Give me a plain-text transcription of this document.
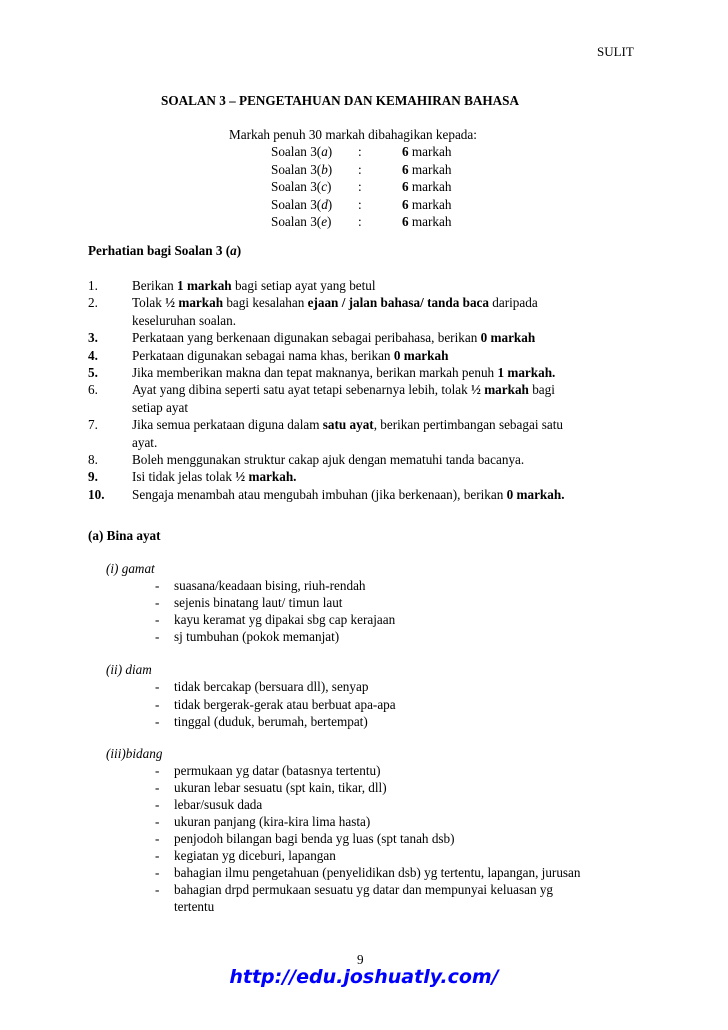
SULIT
SOALAN 3 – PENGETAHUAN DAN KEMAHIRAN BAHASA
Markah penuh 30 markah dibahagikan kepada:
Soalan 3(a) :	6 markah
Soalan 3(b) :	6 markah
Soalan 3(c) :	6 markah
Soalan 3(d) :	6 markah
Soalan 3(e) :	6 markah
Perhatian bagi Soalan 3 (a)
1.	Berikan 1 markah bagi setiap ayat yang betul
2.	Tolak ½ markah bagi kesalahan ejaan / jalan bahasa/ tanda baca daripada
keseluruhan soalan.
3.	Perkataan yang berkenaan digunakan sebagai peribahasa, berikan 0 markah
4.	Perkataan digunakan sebagai nama khas, berikan 0 markah
5.	Jika memberikan makna dan tepat maknanya, berikan markah penuh 1 markah.
6.	Ayat yang dibina seperti satu ayat tetapi sebenarnya lebih, tolak ½ markah bagi
setiap ayat
7.	Jika semua perkataan diguna dalam satu ayat, berikan pertimbangan sebagai satu
ayat.
8.	Boleh menggunakan struktur cakap ajuk dengan mematuhi tanda bacanya.
9.	Isi tidak jelas tolak ½ markah.
10. Sengaja menambah atau mengubah imbuhan (jika berkenaan), berikan 0 markah.
(a) Bina ayat
(i) gamat
- suasana/keadaan bising, riuh-rendah
- sejenis binatang laut/ timun laut
- kayu keramat yg dipakai sbg cap kerajaan
- sj tumbuhan (pokok memanjat)
(ii) diam
- tidak bercakap (bersuara dll), senyap
- tidak bergerak-gerak atau berbuat apa-apa
- tinggal (duduk, berumah, bertempat)
(iii)bidang
- permukaan yg datar (batasnya tertentu)
- ukuran lebar sesuatu (spt kain, tikar, dll)
- lebar/susuk dada
- ukuran panjang (kira-kira lima hasta)
- penjodoh bilangan bagi benda yg luas (spt tanah dsb)
- kegiatan yg diceburi, lapangan
- bahagian ilmu pengetahuan (penyelidikan dsb) yg tertentu, lapangan, jurusan
- bahagian drpd permukaan sesuatu yg datar dan mempunyai keluasan yg
tertentu
9
http://edu.joshuatly.com/
